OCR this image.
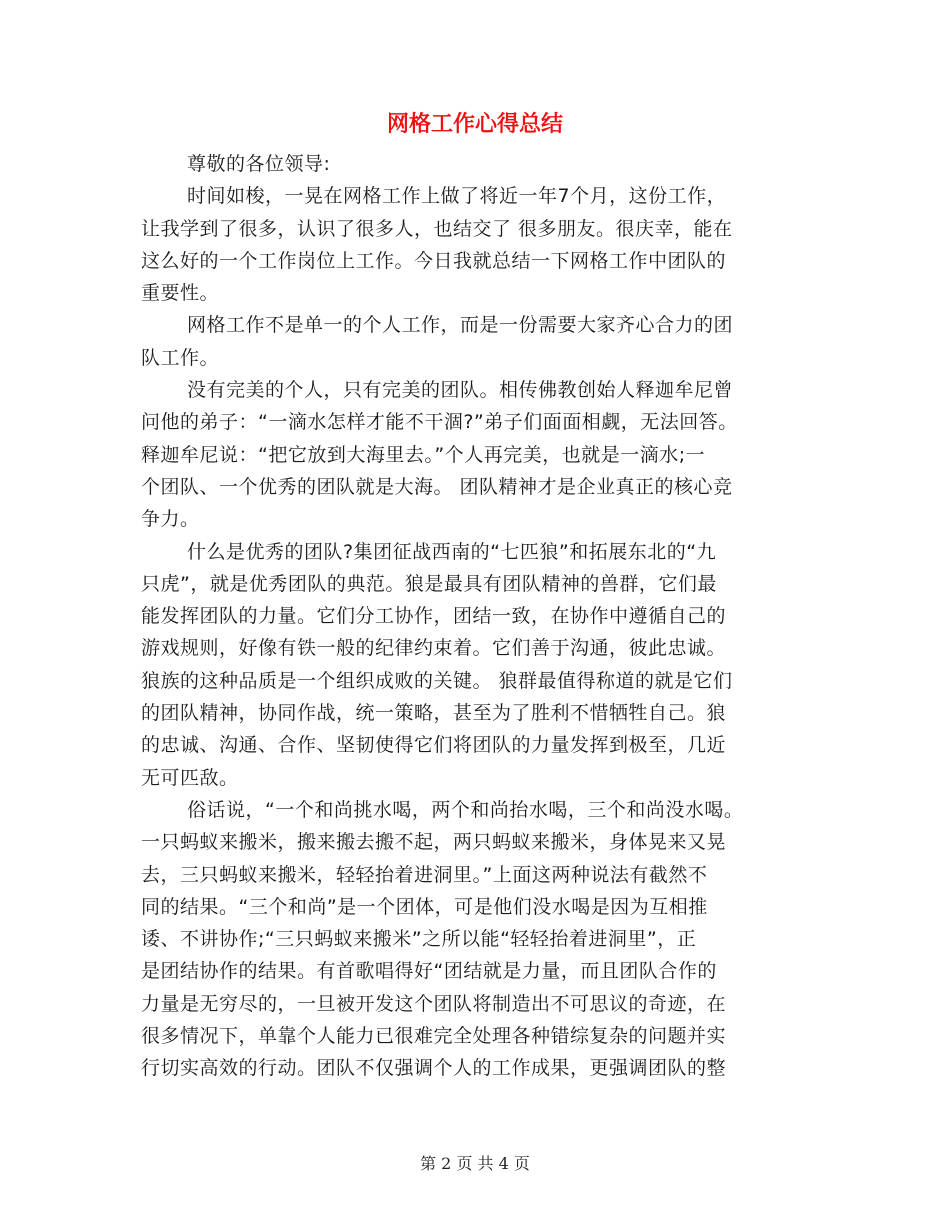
网格工作心得总结
尊敬的各位领导:
时间如梭，一晃在网格工作上做了将近一年7个月，这份工作，
让我学到了很多，认识了很多人，也结交了 很多朋友。很庆幸，能在
这么好的一个工作岗位上工作。今日我就总结一下网格工作中团队的
重要性。
网格工作不是单一的个人工作，而是一份需要大家齐心合力的团
队工作。
没有完美的个人，只有完美的团队。相传佛教创始人释迦牟尼曾
问他的弟子：“一滴水怎样才能不干涸?”弟子们面面相觑，无法回答。
释迦牟尼说：“把它放到大海里去。”个人再完美，也就是一滴水;一
个团队、一个优秀的团队就是大海。 团队精神才是企业真正的核心竞
争力。
什么是优秀的团队?集团征战西南的“七匹狼”和拓展东北的“九
只虎”，就是优秀团队的典范。狼是最具有团队精神的兽群，它们最
能发挥团队的力量。它们分工协作，团结一致，在协作中遵循自己的
游戏规则，好像有铁一般的纪律约束着。它们善于沟通，彼此忠诚。
狼族的这种品质是一个组织成败的关键。 狼群最值得称道的就是它们
的团队精神，协同作战，统一策略，甚至为了胜利不惜牺牲自己。狼
的忠诚、沟通、合作、坚韧使得它们将团队的力量发挥到极至，几近
无可匹敌。
俗话说，“一个和尚挑水喝，两个和尚抬水喝，三个和尚没水喝。
一只蚂蚁来搬米，搬来搬去搬不起，两只蚂蚁来搬米，身体晃来又晃
去，三只蚂蚁来搬米，轻轻抬着进洞里。”上面这两种说法有截然不
同的结果。“三个和尚”是一个团体，可是他们没水喝是因为互相推
诿、不讲协作;“三只蚂蚁来搬米”之所以能“轻轻抬着进洞里”，正
是团结协作的结果。有首歌唱得好“团结就是力量，而且团队合作的
力量是无穷尽的，一旦被开发这个团队将制造出不可思议的奇迹，在
很多情况下，单靠个人能力已很难完全处理各种错综复杂的问题并实
行切实高效的行动。团队不仅强调个人的工作成果，更强调团队的整
第 2 页 共 4 页
